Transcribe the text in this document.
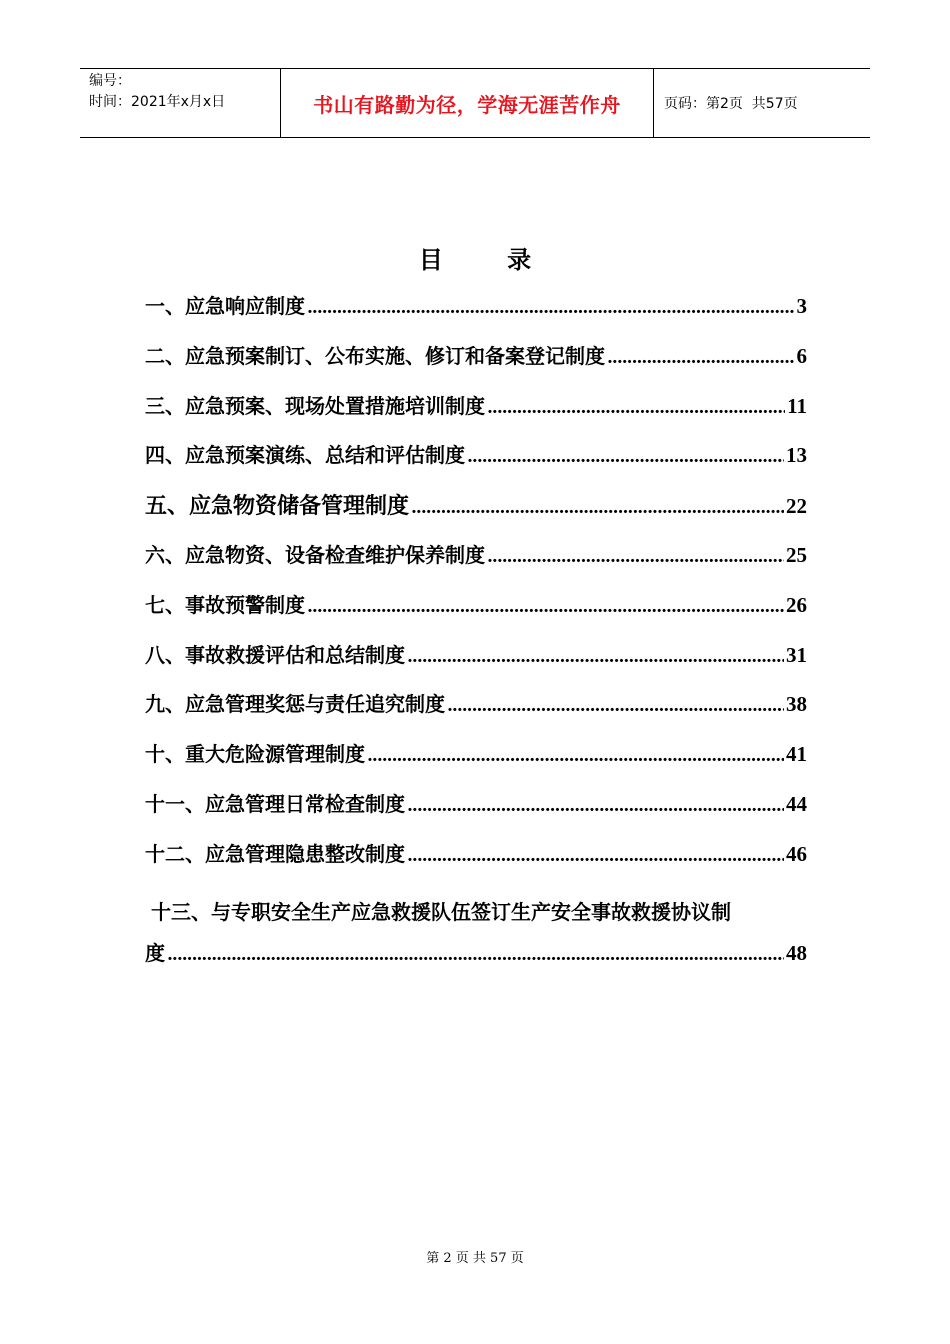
编号：
时间：2021年x月x日	书山有路勤为径，学海无涯苦作舟	页码：第2页  共57页
目 录
一、应急响应制度 .....	3
二、应急预案制订、公布实施、修订和备案登记制度 .....	6
三、应急预案、现场处置措施培训制度 .....	11
四、应急预案演练、总结和评估制度 .....	13
五、应急物资储备管理制度 .....	22
六、应急物资、设备检查维护保养制度 .....	25
七、事故预警制度 .....	26
八、事故救援评估和总结制度 .....	31
九、应急管理奖惩与责任追究制度 .....	38
十、重大危险源管理制度 .....	41
十一、应急管理日常检查制度 .....	44
十二、应急管理隐患整改制度 .....	46
十三、与专职安全生产应急救援队伍签订生产安全事故救援协议制
度 .....	48
第 2 页 共 57 页
